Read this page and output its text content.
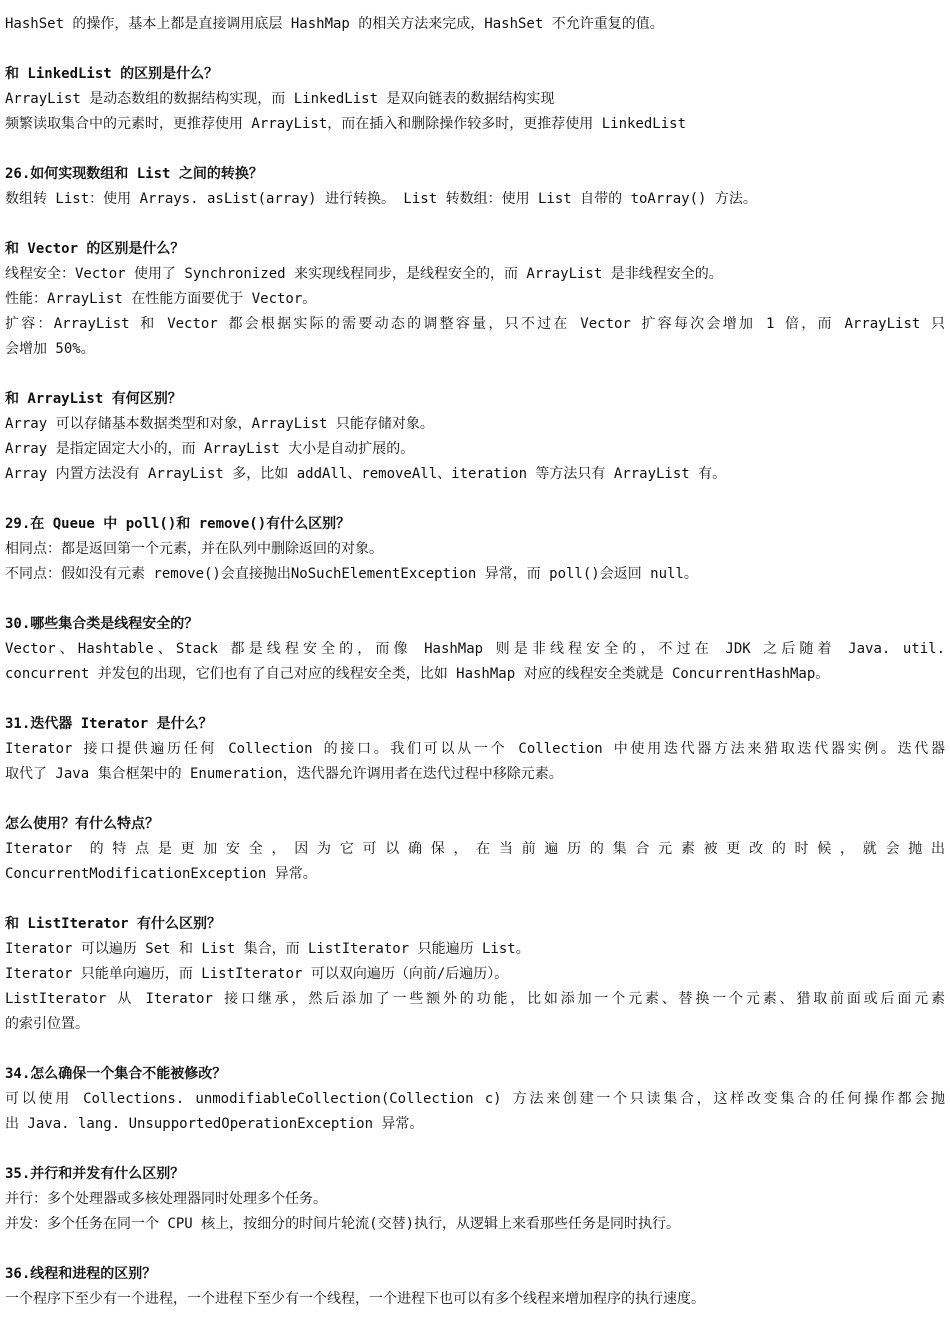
HashSet 的操作，基本上都是直接调用底层 HashMap 的相关方法来完成，HashSet 不允许重复的值。
和 LinkedList 的区别是什么？
ArrayList 是动态数组的数据结构实现，而 LinkedList 是双向链表的数据结构实现
频繁读取集合中的元素时，更推荐使用 ArrayList，而在插入和删除操作较多时，更推荐使用 LinkedList
26.如何实现数组和 List 之间的转换？
数组转 List：使用 Arrays. asList(array) 进行转换。 List 转数组：使用 List 自带的 toArray() 方法。
和 Vector 的区别是什么？
线程安全：Vector 使用了 Synchronized 来实现线程同步，是线程安全的，而 ArrayList 是非线程安全的。
性能：ArrayList 在性能方面要优于 Vector。
扩容：ArrayList 和 Vector 都会根据实际的需要动态的调整容量，只不过在 Vector 扩容每次会增加 1 倍，而 ArrayList 只
会增加 50%。
和 ArrayList 有何区别？
Array 可以存储基本数据类型和对象，ArrayList 只能存储对象。
Array 是指定固定大小的，而 ArrayList 大小是自动扩展的。
Array 内置方法没有 ArrayList 多，比如 addAll、removeAll、iteration 等方法只有 ArrayList 有。
29.在 Queue 中 poll()和 remove()有什么区别？
相同点：都是返回第一个元素，并在队列中删除返回的对象。
不同点：假如没有元素 remove()会直接抛出NoSuchElementException 异常，而 poll()会返回 null。
30.哪些集合类是线程安全的？
Vector、Hashtable、Stack 都是线程安全的，而像 HashMap 则是非线程安全的，不过在 JDK 之后随着 Java. util.
concurrent 并发包的出现，它们也有了自己对应的线程安全类，比如 HashMap 对应的线程安全类就是 ConcurrentHashMap。
31.迭代器 Iterator 是什么？
Iterator 接口提供遍历任何 Collection 的接口。我们可以从一个 Collection 中使用迭代器方法来猎取迭代器实例。迭代器
取代了 Java 集合框架中的 Enumeration，迭代器允许调用者在迭代过程中移除元素。
怎么使用？有什么特点？
Iterator 的特点是更加安全，因为它可以确保，在当前遍历的集合元素被更改的时候，就会抛出
ConcurrentModificationException 异常。
和 ListIterator 有什么区别？
Iterator 可以遍历 Set 和 List 集合，而 ListIterator 只能遍历 List。
Iterator 只能单向遍历，而 ListIterator 可以双向遍历（向前/后遍历）。
ListIterator 从 Iterator 接口继承，然后添加了一些额外的功能，比如添加一个元素、替换一个元素、猎取前面或后面元素
的索引位置。
34.怎么确保一个集合不能被修改？
可以使用 Collections. unmodifiableCollection(Collection c) 方法来创建一个只读集合，这样改变集合的任何操作都会抛
出 Java. lang. UnsupportedOperationException 异常。
35.并行和并发有什么区别？
并行：多个处理器或多核处理器同时处理多个任务。
并发：多个任务在同一个 CPU 核上，按细分的时间片轮流(交替)执行，从逻辑上来看那些任务是同时执行。
36.线程和进程的区别？
一个程序下至少有一个进程，一个进程下至少有一个线程，一个进程下也可以有多个线程来增加程序的执行速度。
